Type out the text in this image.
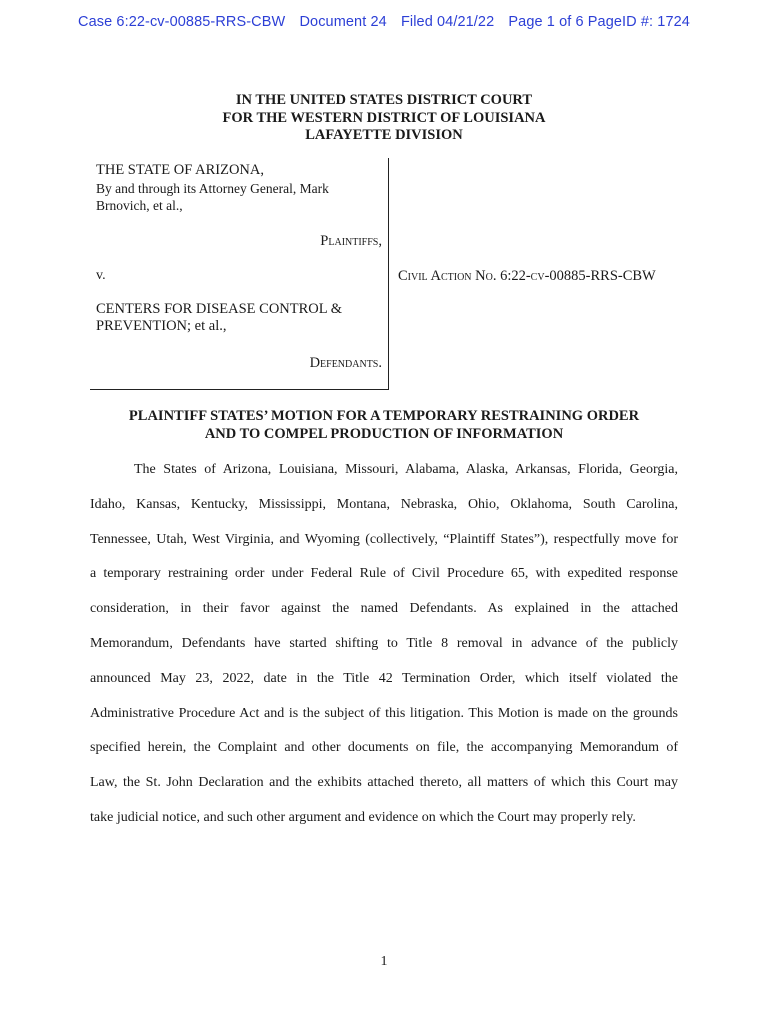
Case 6:22-cv-00885-RRS-CBW Document 24 Filed 04/21/22 Page 1 of 6 PageID #: 1724
IN THE UNITED STATES DISTRICT COURT
FOR THE WESTERN DISTRICT OF LOUISIANA
LAFAYETTE DIVISION
THE STATE OF ARIZONA,
By and through its Attorney General, Mark
Brnovich, et al.,
Plaintiffs,
v.
CENTERS FOR DISEASE CONTROL &
PREVENTION; et al.,
Defendants.
Civil Action No. 6:22-cv-00885-RRS-CBW
PLAINTIFF STATES’ MOTION FOR A TEMPORARY RESTRAINING ORDER
AND TO COMPEL PRODUCTION OF INFORMATION
The States of Arizona, Louisiana, Missouri, Alabama, Alaska, Arkansas, Florida, Georgia,
Idaho, Kansas, Kentucky, Mississippi, Montana, Nebraska, Ohio, Oklahoma, South Carolina,
Tennessee, Utah, West Virginia, and Wyoming (collectively, “Plaintiff States”), respectfully move for
a temporary restraining order under Federal Rule of Civil Procedure 65, with expedited response
consideration, in their favor against the named Defendants. As explained in the attached
Memorandum, Defendants have started shifting to Title 8 removal in advance of the publicly
announced May 23, 2022, date in the Title 42 Termination Order, which itself violated the
Administrative Procedure Act and is the subject of this litigation. This Motion is made on the grounds
specified herein, the Complaint and other documents on file, the accompanying Memorandum of
Law, the St. John Declaration and the exhibits attached thereto, all matters of which this Court may
take judicial notice, and such other argument and evidence on which the Court may properly rely.
1
